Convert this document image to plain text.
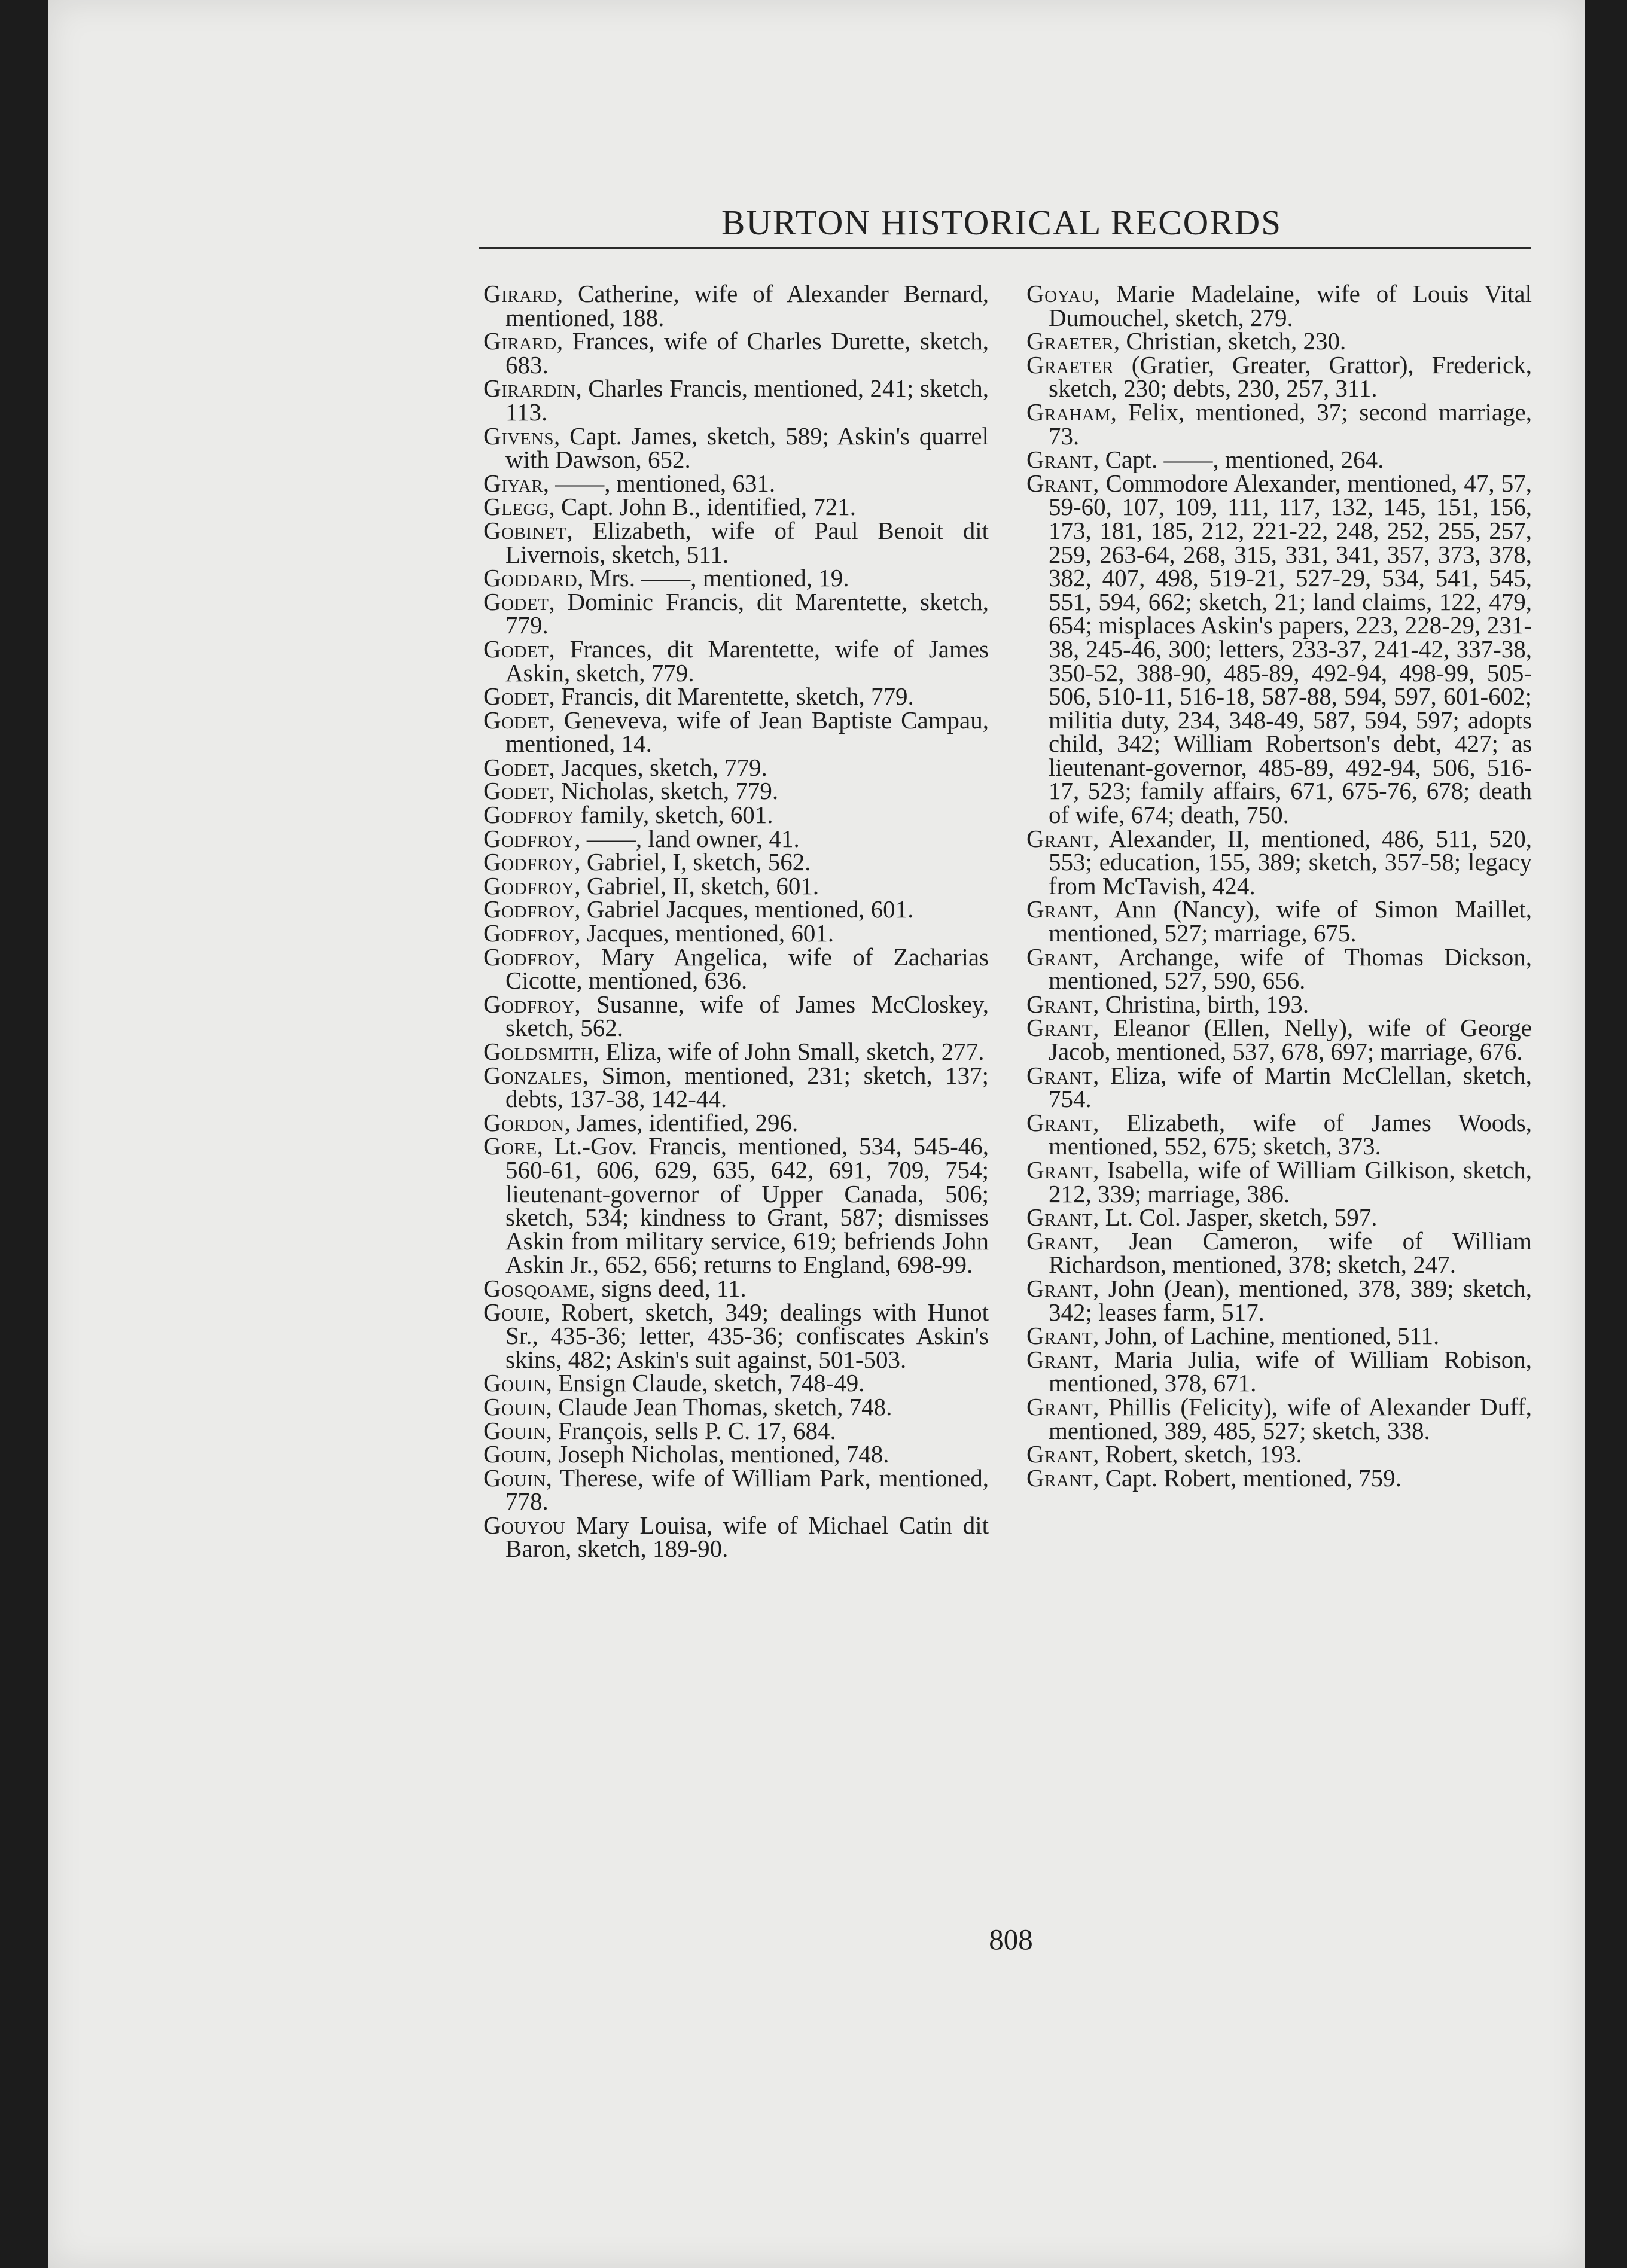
BURTON HISTORICAL RECORDS

Girard, Catherine, wife of Alexander Bernard, mentioned, 188.

Girard, Frances, wife of Charles Durette, sketch, 683.

Girardin, Charles Francis, mentioned, 241; sketch, 113.

Givens, Capt. James, sketch, 589; Askin's quarrel with Dawson, 652.

Giyar, ——, mentioned, 631.

Glegg, Capt. John B., identified, 721.

Gobinet, Elizabeth, wife of Paul Benoit dit Livernois, sketch, 511.

Goddard, Mrs. ——, mentioned, 19.

Godet, Dominic Francis, dit Marentette, sketch, 779.

Godet, Frances, dit Marentette, wife of James Askin, sketch, 779.

Godet, Francis, dit Marentette, sketch, 779.

Godet, Geneveva, wife of Jean Baptiste Campau, mentioned, 14.

Godet, Jacques, sketch, 779.

Godet, Nicholas, sketch, 779.

Godfroy family, sketch, 601.

Godfroy, ——, land owner, 41.

Godfroy, Gabriel, I, sketch, 562.

Godfroy, Gabriel, II, sketch, 601.

Godfroy, Gabriel Jacques, mentioned, 601.

Godfroy, Jacques, mentioned, 601.

Godfroy, Mary Angelica, wife of Zacharias Cicotte, mentioned, 636.

Godfroy, Susanne, wife of James McCloskey, sketch, 562.

Goldsmith, Eliza, wife of John Small, sketch, 277.

Gonzales, Simon, mentioned, 231; sketch, 137; debts, 137-38, 142-44.

Gordon, James, identified, 296.

Gore, Lt.-Gov. Francis, mentioned, 534, 545-46, 560-61, 606, 629, 635, 642, 691, 709, 754; lieutenant-governor of Upper Canada, 506; sketch, 534; kindness to Grant, 587; dismisses Askin from military service, 619; befriends John Askin Jr., 652, 656; returns to England, 698-99.

Gosqoame, signs deed, 11.

Gouie, Robert, sketch, 349; dealings with Hunot Sr., 435-36; letter, 435-36; confiscates Askin's skins, 482; Askin's suit against, 501-503.

Gouin, Ensign Claude, sketch, 748-49.

Gouin, Claude Jean Thomas, sketch, 748.

Gouin, François, sells P. C. 17, 684.

Gouin, Joseph Nicholas, mentioned, 748.

Gouin, Therese, wife of William Park, mentioned, 778.

Gouyou Mary Louisa, wife of Michael Catin dit Baron, sketch, 189-90.

Goyau, Marie Madelaine, wife of Louis Vital Dumouchel, sketch, 279.

Graeter, Christian, sketch, 230.

Graeter (Gratier, Greater, Grattor), Frederick, sketch, 230; debts, 230, 257, 311.

Graham, Felix, mentioned, 37; second marriage, 73.

Grant, Capt. ——, mentioned, 264.

Grant, Commodore Alexander, mentioned, 47, 57, 59-60, 107, 109, 111, 117, 132, 145, 151, 156, 173, 181, 185, 212, 221-22, 248, 252, 255, 257, 259, 263-64, 268, 315, 331, 341, 357, 373, 378, 382, 407, 498, 519-21, 527-29, 534, 541, 545, 551, 594, 662; sketch, 21; land claims, 122, 479, 654; misplaces Askin's papers, 223, 228-29, 231-38, 245-46, 300; letters, 233-37, 241-42, 337-38, 350-52, 388-90, 485-89, 492-94, 498-99, 505-506, 510-11, 516-18, 587-88, 594, 597, 601-602; militia duty, 234, 348-49, 587, 594, 597; adopts child, 342; William Robertson's debt, 427; as lieutenant-governor, 485-89, 492-94, 506, 516-17, 523; family affairs, 671, 675-76, 678; death of wife, 674; death, 750.

Grant, Alexander, II, mentioned, 486, 511, 520, 553; education, 155, 389; sketch, 357-58; legacy from McTavish, 424.

Grant, Ann (Nancy), wife of Simon Maillet, mentioned, 527; marriage, 675.

Grant, Archange, wife of Thomas Dickson, mentioned, 527, 590, 656.

Grant, Christina, birth, 193.

Grant, Eleanor (Ellen, Nelly), wife of George Jacob, mentioned, 537, 678, 697; marriage, 676.

Grant, Eliza, wife of Martin McClellan, sketch, 754.

Grant, Elizabeth, wife of James Woods, mentioned, 552, 675; sketch, 373.

Grant, Isabella, wife of William Gilkison, sketch, 212, 339; marriage, 386.

Grant, Lt. Col. Jasper, sketch, 597.

Grant, Jean Cameron, wife of William Richardson, mentioned, 378; sketch, 247.

Grant, John (Jean), mentioned, 378, 389; sketch, 342; leases farm, 517.

Grant, John, of Lachine, mentioned, 511.

Grant, Maria Julia, wife of William Robison, mentioned, 378, 671.

Grant, Phillis (Felicity), wife of Alexander Duff, mentioned, 389, 485, 527; sketch, 338.

Grant, Robert, sketch, 193.

Grant, Capt. Robert, mentioned, 759.

808
